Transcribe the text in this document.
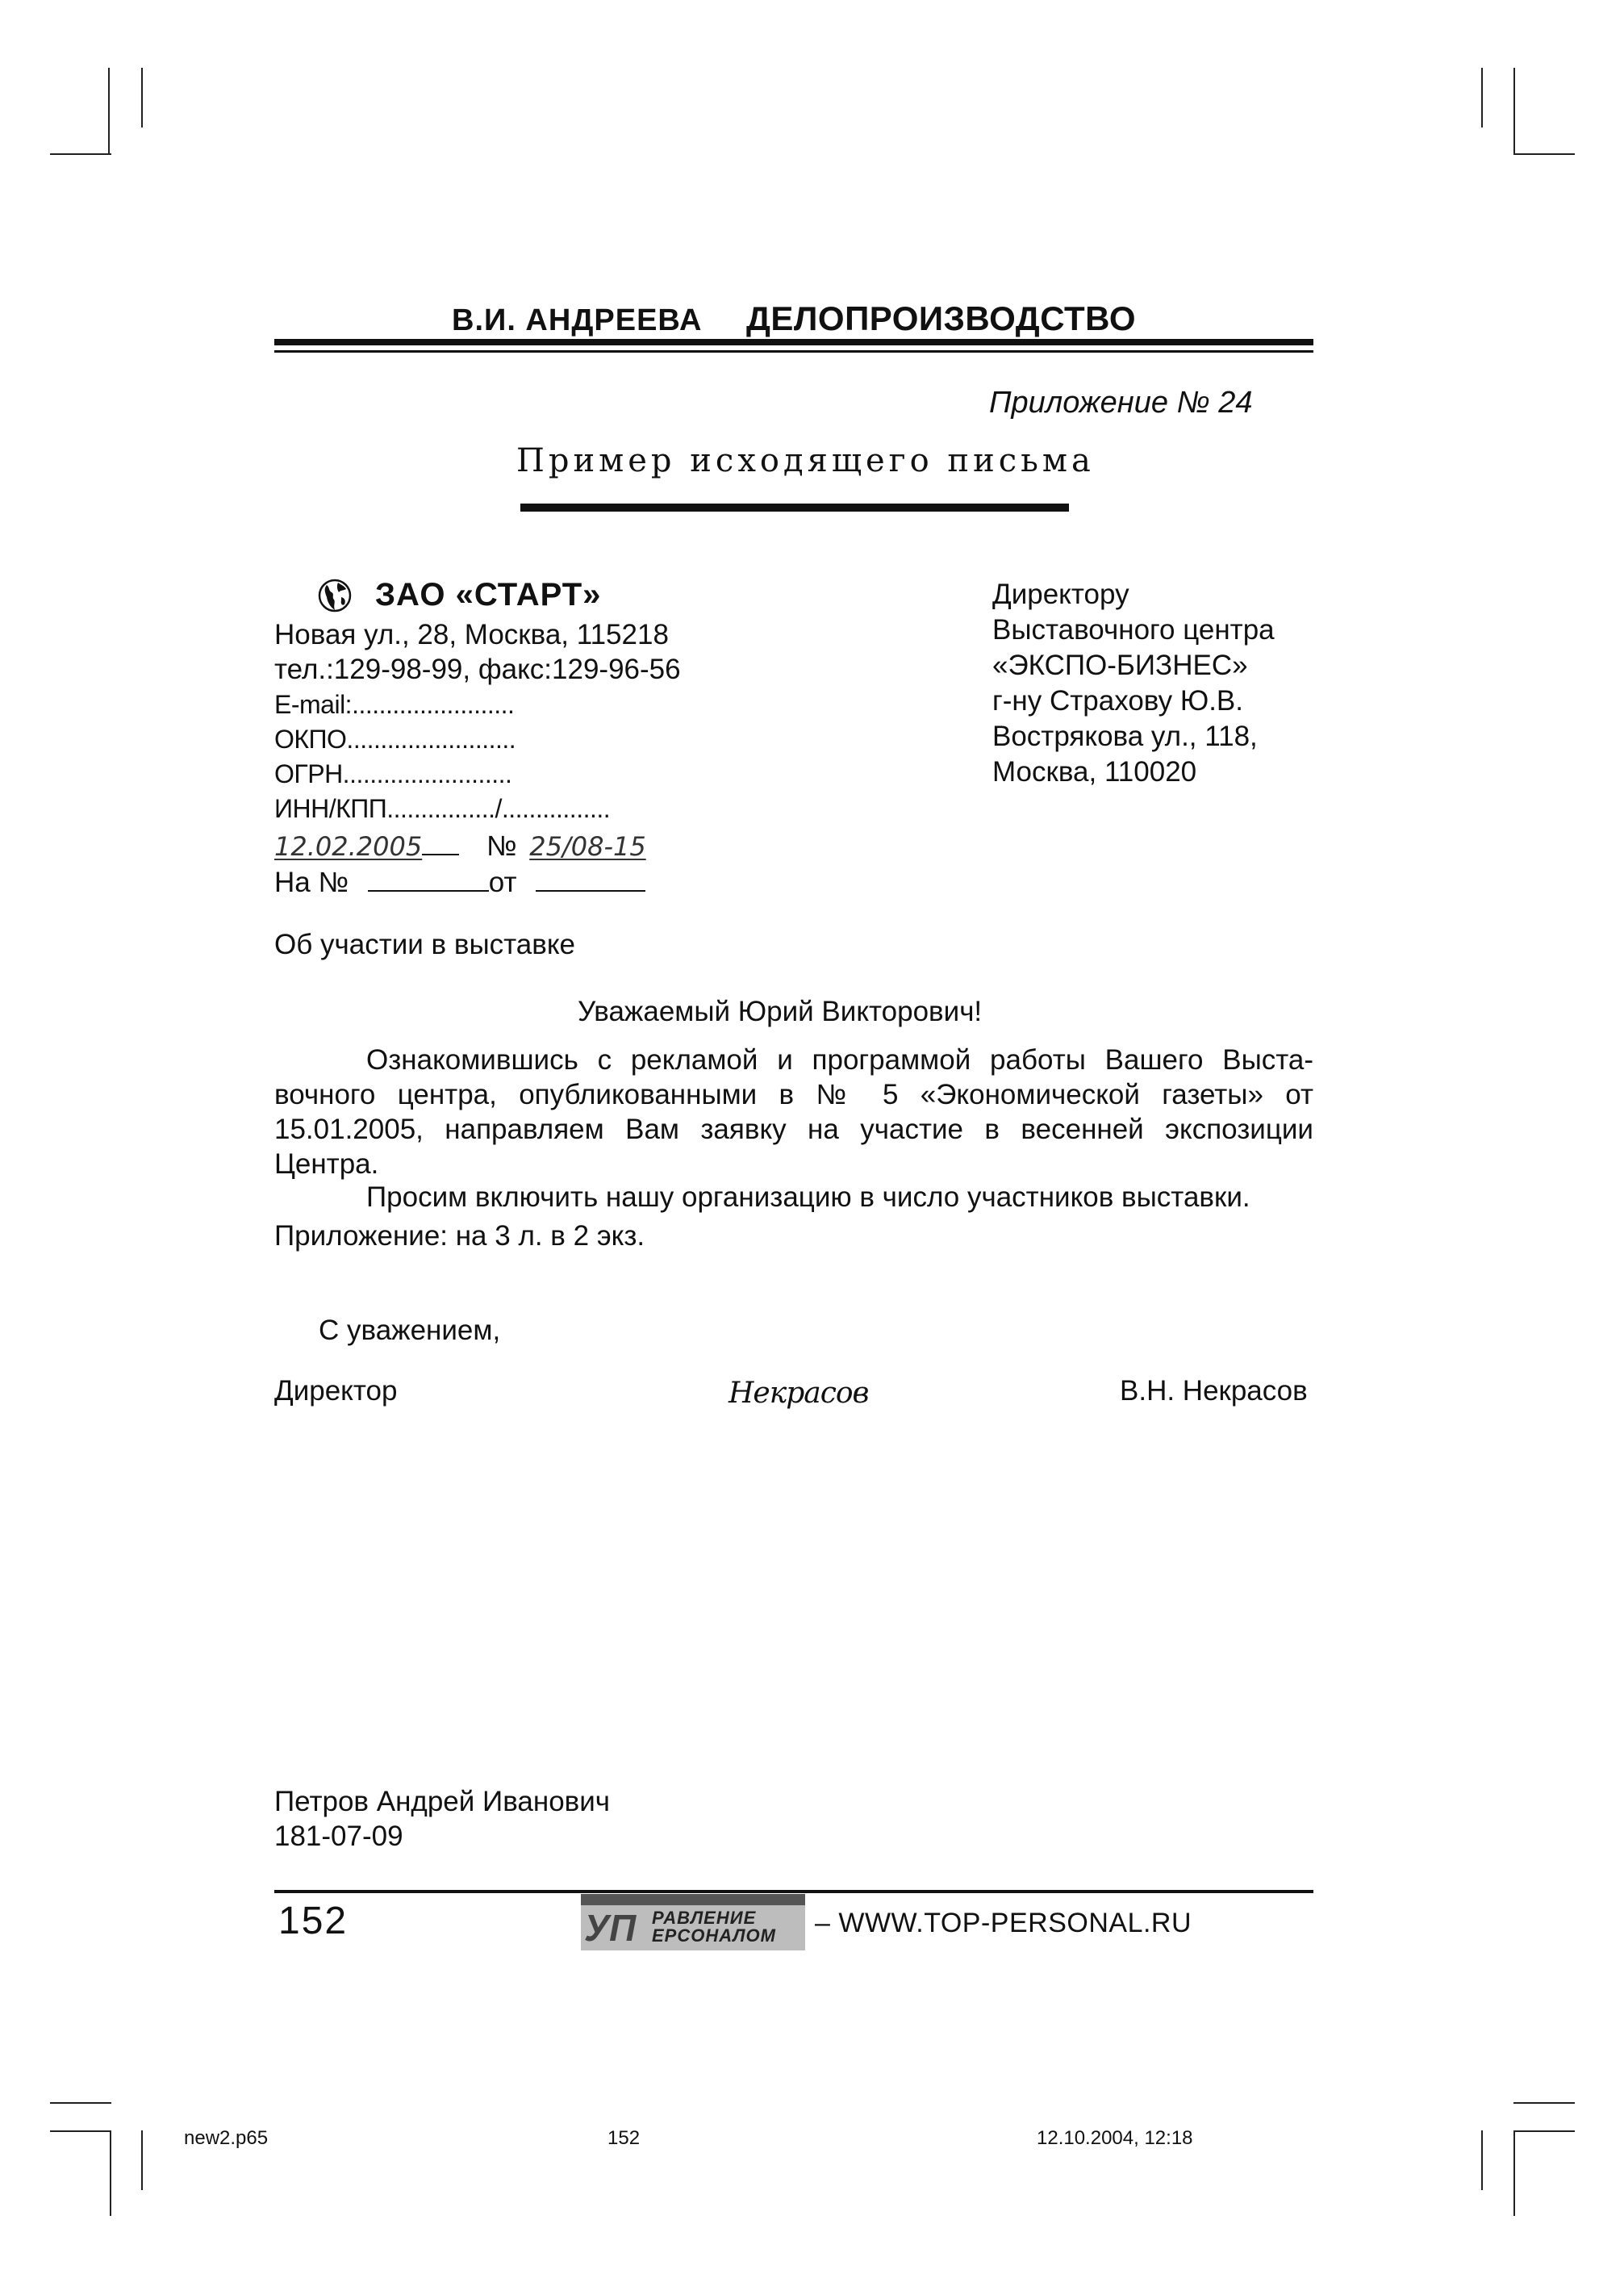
В.И. АНДРЕЕВА ДЕЛОПРОИЗВОДСТВО
Приложение № 24
Пример исходящего письма
ЗАО «СТАРТ»
Новая ул., 28, Москва, 115218
тел.:129-98-99, факс:129-96-56
E-mail:........................
ОКПО.........................
ОГРН.........................
ИНН/КПП................/................
12.02.2005 № 25/08-15
На №	от
Директору
Выставочного центра
«ЭКСПО-БИЗНЕС»
г-ну Страхову Ю.В.
Вострякова ул., 118,
Москва, 110020
Об участии в выставке
Уважаемый Юрий Викторович!
Ознакомившись с рекламой и программой работы Вашего Выставочного центра, опубликованными в № 5 «Экономической газеты» от 15.01.2005, направляем Вам заявку на участие в весенней экспозиции Центра.
Просим включить нашу организацию в число участников выставки.
Приложение: на 3 л. в 2 экз.
С уважением,
Директор	Некрасов	В.Н. Некрасов
Петров Андрей Иванович
181-07-09
152	УП РАВЛЕНИЕ
ЕРСОНАЛОМ – WWW.TOP-PERSONAL.RU
new2.p65	152	12.10.2004, 12:18
